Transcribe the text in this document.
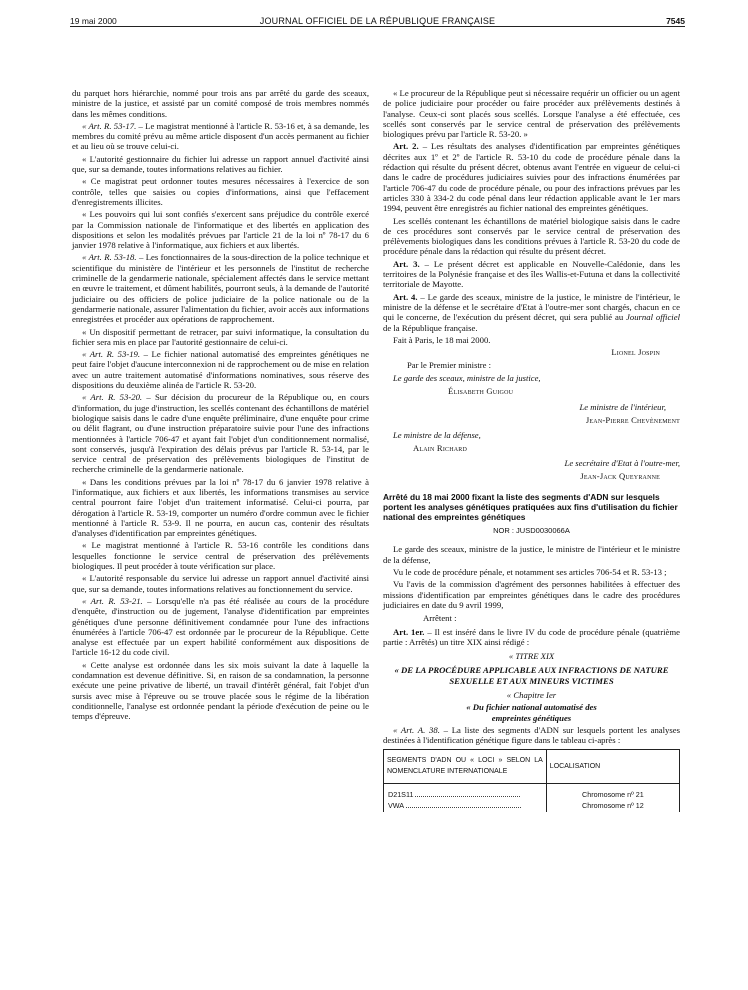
19 mai 2000	JOURNAL OFFICIEL DE LA RÉPUBLIQUE FRANÇAISE	7545

du parquet hors hiérarchie, nommé pour trois ans par arrêté du garde des sceaux, ministre de la justice, et assisté par un comité composé de trois membres nommés dans les mêmes conditions.

« Art. R. 53-17. – Le magistrat mentionné à l'article R. 53-16 et, à sa demande, les membres du comité prévu au même article disposent d'un accès permanent au fichier et au lieu où se trouve celui-ci.

« L'autorité gestionnaire du fichier lui adresse un rapport annuel d'activité ainsi que, sur sa demande, toutes informations relatives au fichier.

« Ce magistrat peut ordonner toutes mesures nécessaires à l'exercice de son contrôle, telles que saisies ou copies d'informations, ainsi que l'effacement d'enregistrements illicites.

« Les pouvoirs qui lui sont confiés s'exercent sans préjudice du contrôle exercé par la Commission nationale de l'informatique et des libertés en application des dispositions et selon les modalités prévues par l'article 21 de la loi nº 78-17 du 6 janvier 1978 relative à l'informatique, aux fichiers et aux libertés.

« Art. R. 53-18. – Les fonctionnaires de la sous-direction de la police technique et scientifique du ministère de l'intérieur et les personnels de l'institut de recherche criminelle de la gendarmerie nationale, spécialement affectés dans le service mettant en œuvre le traitement, et dûment habilités, pourront seuls, à la demande de l'autorité judiciaire ou des officiers de police judiciaire de la police nationale ou de la gendarmerie nationale, assurer l'alimentation du fichier, avoir accès aux informations enregistrées et procéder aux opérations de rapprochement.

« Un dispositif permettant de retracer, par suivi informatique, la consultation du fichier sera mis en place par l'autorité gestionnaire de celui-ci.

« Art. R. 53-19. – Le fichier national automatisé des empreintes génétiques ne peut faire l'objet d'aucune interconnexion ni de rapprochement ou de mise en relation avec un autre traitement automatisé d'informations nominatives, sous réserve des dispositions du deuxième alinéa de l'article R. 53-20.

« Art. R. 53-20. – Sur décision du procureur de la République ou, en cours d'information, du juge d'instruction, les scellés contenant des échantillons de matériel biologique saisis dans le cadre d'une enquête préliminaire, d'une enquête pour crime ou délit flagrant, ou d'une instruction préparatoire suivie pour l'une des infractions mentionnées à l'article 706-47 et ayant fait l'objet d'un conditionnement normalisé, sont conservés, jusqu'à l'expiration des délais prévus par l'article R. 53-14, par le service central de préservation des prélèvements biologiques de l'institut de recherche criminelle de la gendarmerie nationale.

« Dans les conditions prévues par la loi nº 78-17 du 6 janvier 1978 relative à l'informatique, aux fichiers et aux libertés, les informations transmises au service central pourront faire l'objet d'un traitement informatisé. Celui-ci pourra, par dérogation à l'article R. 53-19, comporter un numéro d'ordre commun avec le fichier mentionné à l'article R. 53-9. Il ne pourra, en aucun cas, contenir des résultats d'analyses d'identification par empreintes génétiques.

« Le magistrat mentionné à l'article R. 53-16 contrôle les conditions dans lesquelles fonctionne le service central de préservation des prélèvements biologiques. Il peut procéder à toute vérification sur place.

« L'autorité responsable du service lui adresse un rapport annuel d'activité ainsi que, sur sa demande, toutes informations relatives au fonctionnement du service.

« Art. R. 53-21. – Lorsqu'elle n'a pas été réalisée au cours de la procédure d'enquête, d'instruction ou de jugement, l'analyse d'identification par empreintes génétiques d'une personne définitivement condamnée pour l'une des infractions énumérées à l'article 706-47 est ordonnée par le procureur de la République. Cette analyse est effectuée par un expert habilité conformément aux dispositions de l'article 16-12 du code civil.

« Cette analyse est ordonnée dans les six mois suivant la date à laquelle la condamnation est devenue définitive. Si, en raison de sa condamnation, la personne exécute une peine privative de liberté, un travail d'intérêt général, fait l'objet d'un sursis avec mise à l'épreuve ou se trouve placée sous le régime de la libération conditionnelle, l'analyse est ordonnée pendant la période d'exécution de peine ou le temps d'épreuve.

« Le procureur de la République peut si nécessaire requérir un officier ou un agent de police judiciaire pour procéder ou faire procéder aux prélèvements destinés à l'analyse. Ceux-ci sont placés sous scellés. Lorsque l'analyse a été effectuée, ces scellés sont conservés par le service central de préservation des prélèvements biologiques prévu par l'article R. 53-20. »

Art. 2. – Les résultats des analyses d'identification par empreintes génétiques décrites aux 1º et 2º de l'article R. 53-10 du code de procédure pénale dans la rédaction qui résulte du présent décret, obtenus avant l'entrée en vigueur de celui-ci dans le cadre de procédures judiciaires suivies pour des infractions énumérées par l'article 706-47 du code de procédure pénale, ou pour des infractions prévues par les articles 330 à 334-2 du code pénal dans leur rédaction applicable avant le 1er mars 1994, peuvent être enregistrés au fichier national des empreintes génétiques.

Les scellés contenant les échantillons de matériel biologique saisis dans le cadre de ces procédures sont conservés par le service central de préservation des prélèvements biologiques dans les conditions prévues à l'article R. 53-20 du code de procédure pénale dans la rédaction qui résulte du présent décret.

Art. 3. – Le présent décret est applicable en Nouvelle-Calédonie, dans les territoires de la Polynésie française et des îles Wallis-et-Futuna et dans la collectivité territoriale de Mayotte.

Art. 4. – Le garde des sceaux, ministre de la justice, le ministre de l'intérieur, le ministre de la défense et le secrétaire d'Etat à l'outre-mer sont chargés, chacun en ce qui le concerne, de l'exécution du présent décret, qui sera publié au Journal officiel de la République française.

Fait à Paris, le 18 mai 2000.

Lionel Jospin

Par le Premier ministre :

Le garde des sceaux, ministre de la justice,

Élisabeth Guigou

Le ministre de l'intérieur,

Jean-Pierre Chevènement

Le ministre de la défense,

Alain Richard

Le secrétaire d'Etat à l'outre-mer,

Jean-Jack Queyranne

Arrêté du 18 mai 2000 fixant la liste des segments d'ADN sur lesquels portent les analyses génétiques pratiquées aux fins d'utilisation du fichier national des empreintes génétiques
NOR : JUSD0030066A

Le garde des sceaux, ministre de la justice, le ministre de l'intérieur et le ministre de la défense,

Vu le code de procédure pénale, et notamment ses articles 706-54 et R. 53-13 ;

Vu l'avis de la commission d'agrément des personnes habilitées à effectuer des missions d'identification par empreintes génétiques dans le cadre des procédures judiciaires en date du 9 avril 1999,

Arrêtent :

Art. 1er. – Il est inséré dans le livre IV du code de procédure pénale (quatrième partie : Arrêtés) un titre XIX ainsi rédigé :

« TITRE XIX

« DE LA PROCÉDURE APPLICABLE AUX INFRACTIONS DE NATURE SEXUELLE ET AUX MINEURS VICTIMES

« Chapitre Ier

« Du fichier national automatisé des empreintes génétiques

« Art. A. 38. – La liste des segments d'ADN sur lesquels portent les analyses destinées à l'identification génétique figure dans le tableau ci-après :

SEGMENTS D'ADN OU « LOCI » SELON LA NOMENCLATURE INTERNATIONALE	LOCALISATION
D21S11	Chromosome nº 21
VWA	Chromosome nº 12
